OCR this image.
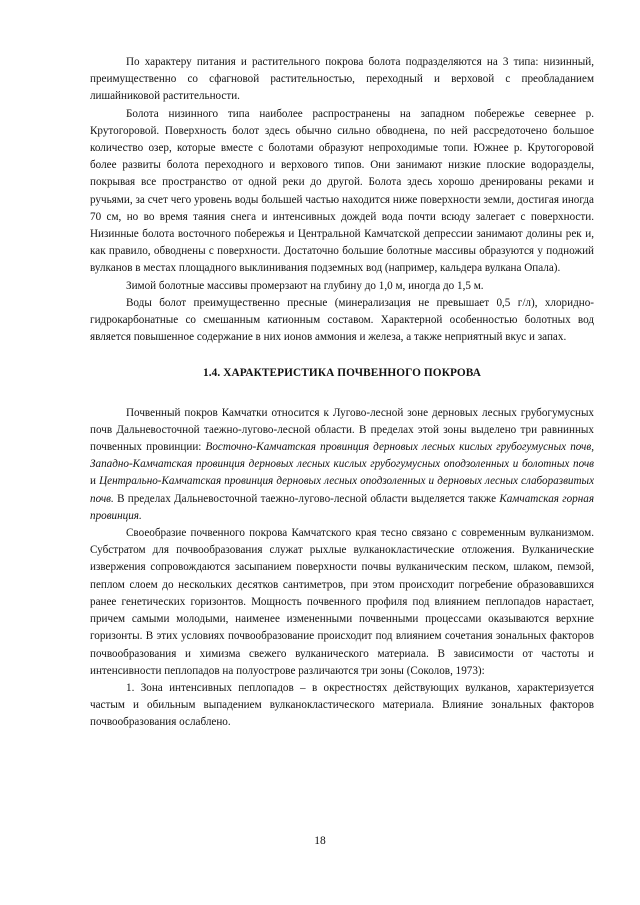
По характеру питания и растительного покрова болота подразделяются на 3 типа: низинный, преимущественно со сфагновой растительностью, переходный и верховой с преобладанием лишайниковой растительности.

Болота низинного типа наиболее распространены на западном побережье севернее р. Крутогоровой. Поверхность болот здесь обычно сильно обводнена, по ней рассредоточено большое количество озер, которые вместе с болотами образуют непроходимые топи. Южнее р. Крутогоровой более развиты болота переходного и верхового типов. Они занимают низкие плоские водоразделы, покрывая все пространство от одной реки до другой. Болота здесь хорошо дренированы реками и ручьями, за счет чего уровень воды большей частью находится ниже поверхности земли, достигая иногда 70 см, но во время таяния снега и интенсивных дождей вода почти всюду залегает с поверхности. Низинные болота восточного побережья и Центральной Камчатской депрессии занимают долины рек и, как правило, обводнены с поверхности. Достаточно большие болотные массивы образуются у подножий вулканов в местах площадного выклинивания подземных вод (например, кальдера вулкана Опала).

Зимой болотные массивы промерзают на глубину до 1,0 м, иногда до 1,5 м.

Воды болот преимущественно пресные (минерализация не превышает 0,5 г/л), хлоридно-гидрокарбонатные со смешанным катионным составом. Характерной особенностью болотных вод является повышенное содержание в них ионов аммония и железа, а также неприятный вкус и запах.

1.4. ХАРАКТЕРИСТИКА ПОЧВЕННОГО ПОКРОВА

Почвенный покров Камчатки относится к Лугово-лесной зоне дерновых лесных грубогумусных почв Дальневосточной таежно-лугово-лесной области. В пределах этой зоны выделено три равнинных почвенных провинции: Восточно-Камчатская провинция дерновых лесных кислых грубогумусных почв, Западно-Камчатская провинция дерновых лесных кислых грубогумусных оподзоленных и болотных почв и Центрально-Камчатская провинция дерновых лесных оподзоленных и дерновых лесных слаборазвитых почв. В пределах Дальневосточной таежно-лугово-лесной области выделяется также Камчатская горная провинция.

Своеобразие почвенного покрова Камчатского края тесно связано с современным вулканизмом. Субстратом для почвообразования служат рыхлые вулканокластические отложения. Вулканические извержения сопровождаются засыпанием поверхности почвы вулканическим песком, шлаком, пемзой, пеплом слоем до нескольких десятков сантиметров, при этом происходит погребение образовавшихся ранее генетических горизонтов. Мощность почвенного профиля под влиянием пеплопадов нарастает, причем самыми молодыми, наименее измененными почвенными процессами оказываются верхние горизонты. В этих условиях почвообразование происходит под влиянием сочетания зональных факторов почвообразования и химизма свежего вулканического материала. В зависимости от частоты и интенсивности пеплопадов на полуострове различаются три зоны (Соколов, 1973):

1. Зона интенсивных пеплопадов – в окрестностях действующих вулканов, характеризуется частым и обильным выпадением вулканокластического материала. Влияние зональных факторов почвообразования ослаблено.

18
